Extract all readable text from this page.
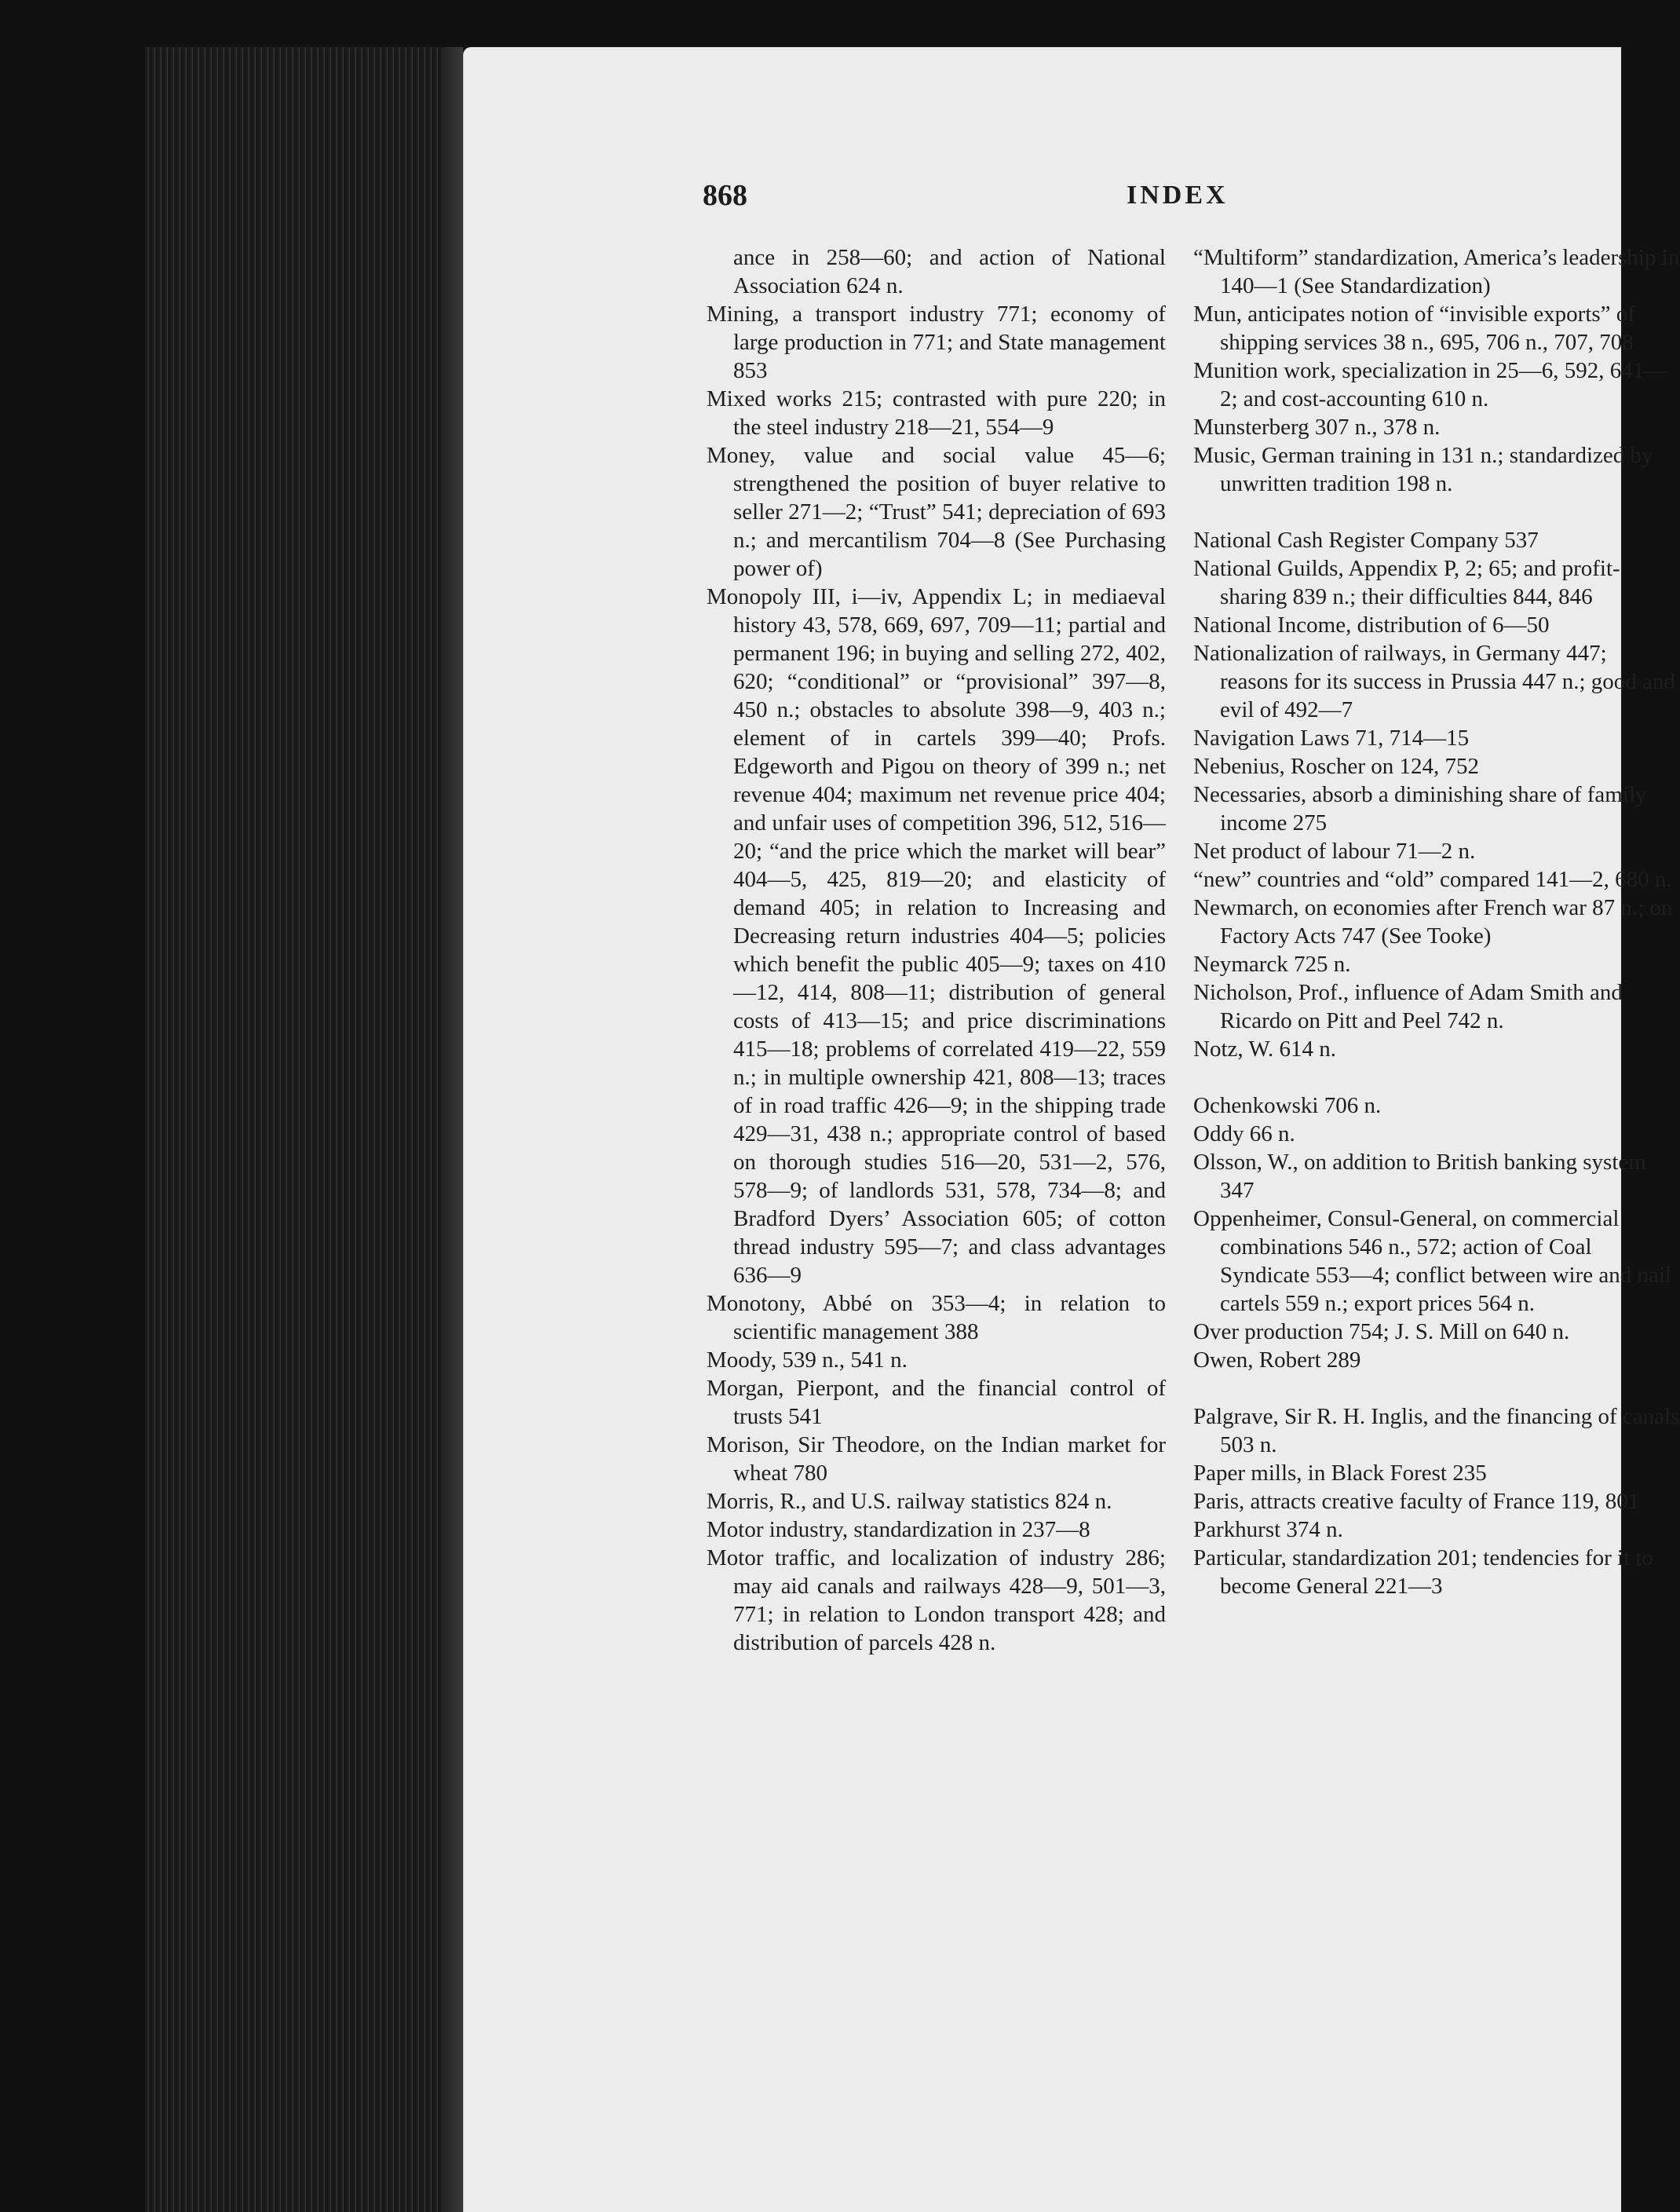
868	INDEX
ance in 258—60; and action of National Association 624 n.
Mining, a transport industry 771; economy of large production in 771; and State management 853
Mixed works 215; contrasted with pure 220; in the steel industry 218—21, 554—9
Money, value and social value 45—6; strengthened the position of buyer relative to seller 271—2; “Trust” 541; depreciation of 693 n.; and mercantilism 704—8 (See Purchasing power of)
Monopoly III, i—iv, Appendix L; in mediaeval history 43, 578, 669, 697, 709—11; partial and permanent 196; in buying and selling 272, 402, 620; “conditional” or “provisional” 397—8, 450 n.; obstacles to absolute 398—9, 403 n.; element of in cartels 399—40; Profs. Edgeworth and Pigou on theory of 399 n.; net revenue 404; maximum net revenue price 404; and unfair uses of competition 396, 512, 516—20; “and the price which the market will bear” 404—5, 425, 819—20; and elasticity of demand 405; in relation to Increasing and Decreasing return industries 404—5; policies which benefit the public 405—9; taxes on 410—12, 414, 808—11; distribution of general costs of 413—15; and price discriminations 415—18; problems of correlated 419—22, 559 n.; in multiple ownership 421, 808—13; traces of in road traffic 426—9; in the shipping trade 429—31, 438 n.; appropriate control of based on thorough studies 516—20, 531—2, 576, 578—9; of landlords 531, 578, 734—8; and Bradford Dyers’ Association 605; of cotton thread industry 595—7; and class advantages 636—9
Monotony, Abbé on 353—4; in relation to scientific management 388
Moody, 539 n., 541 n.
Morgan, Pierpont, and the financial control of trusts 541
Morison, Sir Theodore, on the Indian market for wheat 780
Morris, R., and U.S. railway statistics 824 n.
Motor industry, standardization in 237—8
Motor traffic, and localization of industry 286; may aid canals and railways 428—9, 501—3, 771; in relation to London transport 428; and distribution of parcels 428 n.
“Multiform” standardization, America’s leadership in 140—1 (See Standardization)
Mun, anticipates notion of “invisible exports” of shipping services 38 n., 695, 706 n., 707, 708
Munition work, specialization in 25—6, 592, 641—2; and cost-accounting 610 n.
Munsterberg 307 n., 378 n.
Music, German training in 131 n.; standardized by unwritten tradition 198 n.
National Cash Register Company 537
National Guilds, Appendix P, 2; 65; and profit-sharing 839 n.; their difficulties 844, 846
National Income, distribution of 6—50
Nationalization of railways, in Germany 447; reasons for its success in Prussia 447 n.; good and evil of 492—7
Navigation Laws 71, 714—15
Nebenius, Roscher on 124, 752
Necessaries, absorb a diminishing share of family income 275
Net product of labour 71—2 n.
“new” countries and “old” compared 141—2, 680 n.
Newmarch, on economies after French war 87 n.; on Factory Acts 747 (See Tooke)
Neymarck 725 n.
Nicholson, Prof., influence of Adam Smith and Ricardo on Pitt and Peel 742 n.
Notz, W. 614 n.
Ochenkowski 706 n.
Oddy 66 n.
Olsson, W., on addition to British banking system 347
Oppenheimer, Consul-General, on commercial combinations 546 n., 572; action of Coal Syndicate 553—4; conflict between wire and nail cartels 559 n.; export prices 564 n.
Over production 754; J. S. Mill on 640 n.
Owen, Robert 289
Palgrave, Sir R. H. Inglis, and the financing of canals 503 n.
Paper mills, in Black Forest 235
Paris, attracts creative faculty of France 119, 801
Parkhurst 374 n.
Particular, standardization 201; tendencies for it to become General 221—3
